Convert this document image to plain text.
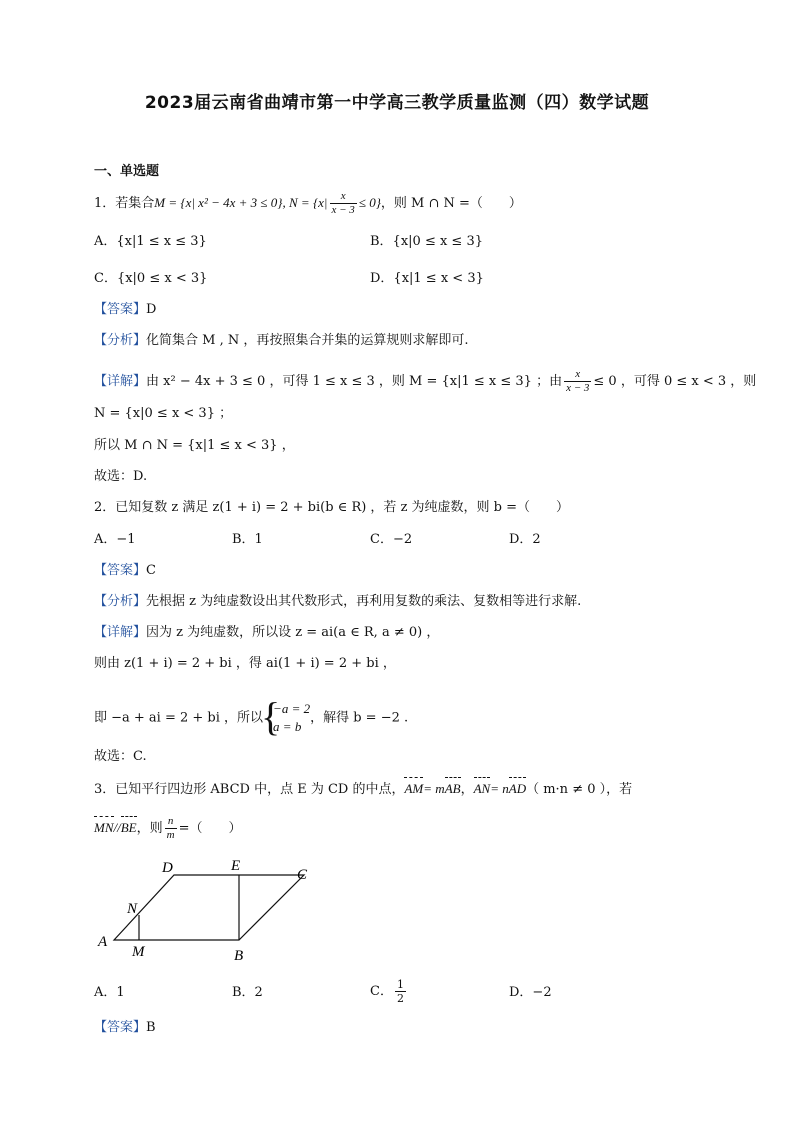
2023届云南省曲靖市第一中学高三教学质量监测（四）数学试题
一、单选题
1．若集合M = {x| x² − 4x + 3 ≤ 0}, $N = \{x| \frac{x}{x - 3} \le 0\}$，则 M ∩ N =（　　）
A．{x|1 ≤ x ≤ 3}	B．{x|0 ≤ x ≤ 3}
C．{x|0 ≤ x < 3}	D．{x|1 ≤ x < 3}
【答案】D
【分析】化简集合 M , N ，再按照集合并集的运算规则求解即可.
【详解】由 x² − 4x + 3 ≤ 0 ，可得 1 ≤ x ≤ 3 ，则 M = {x|1 ≤ x ≤ 3} ；由 $\frac{x}{x - 3} \le 0$ ，可得 0 ≤ x < 3 ，则
N = {x|0 ≤ x < 3} ；
所以 M ∩ N = {x|1 ≤ x < 3} ，
故选：D.
2．已知复数 z 满足 z(1 + i) = 2 + bi(b ∈ R) ，若 z 为纯虚数，则 b =（　　）
A．−1	B．1	C．−2	D．2
【答案】C
【分析】先根据 z 为纯虚数设出其代数形式，再利用复数的乘法、复数相等进行求解.
【详解】因为 z 为纯虚数，所以设 z = ai(a ∈ R, a ≠ 0) ，
则由 z(1 + i) = 2 + bi ，得 ai(1 + i) = 2 + bi ，
即 −a + ai = 2 + bi ，所以
{
−a = 2
a = b
，解得 b = −2 .
故选：C.
3．已知平行四边形 ABCD 中，点 E 为 CD 的中点，AM= mAB，AN= nAD（ m·n ≠ 0 ），若
MN//BE，则 $\frac{n}{m}$ =（　　）
A
B
C
D	E
M
N
A．1	B．2	C． $\frac{1}{2}$	D．−2
【答案】B
